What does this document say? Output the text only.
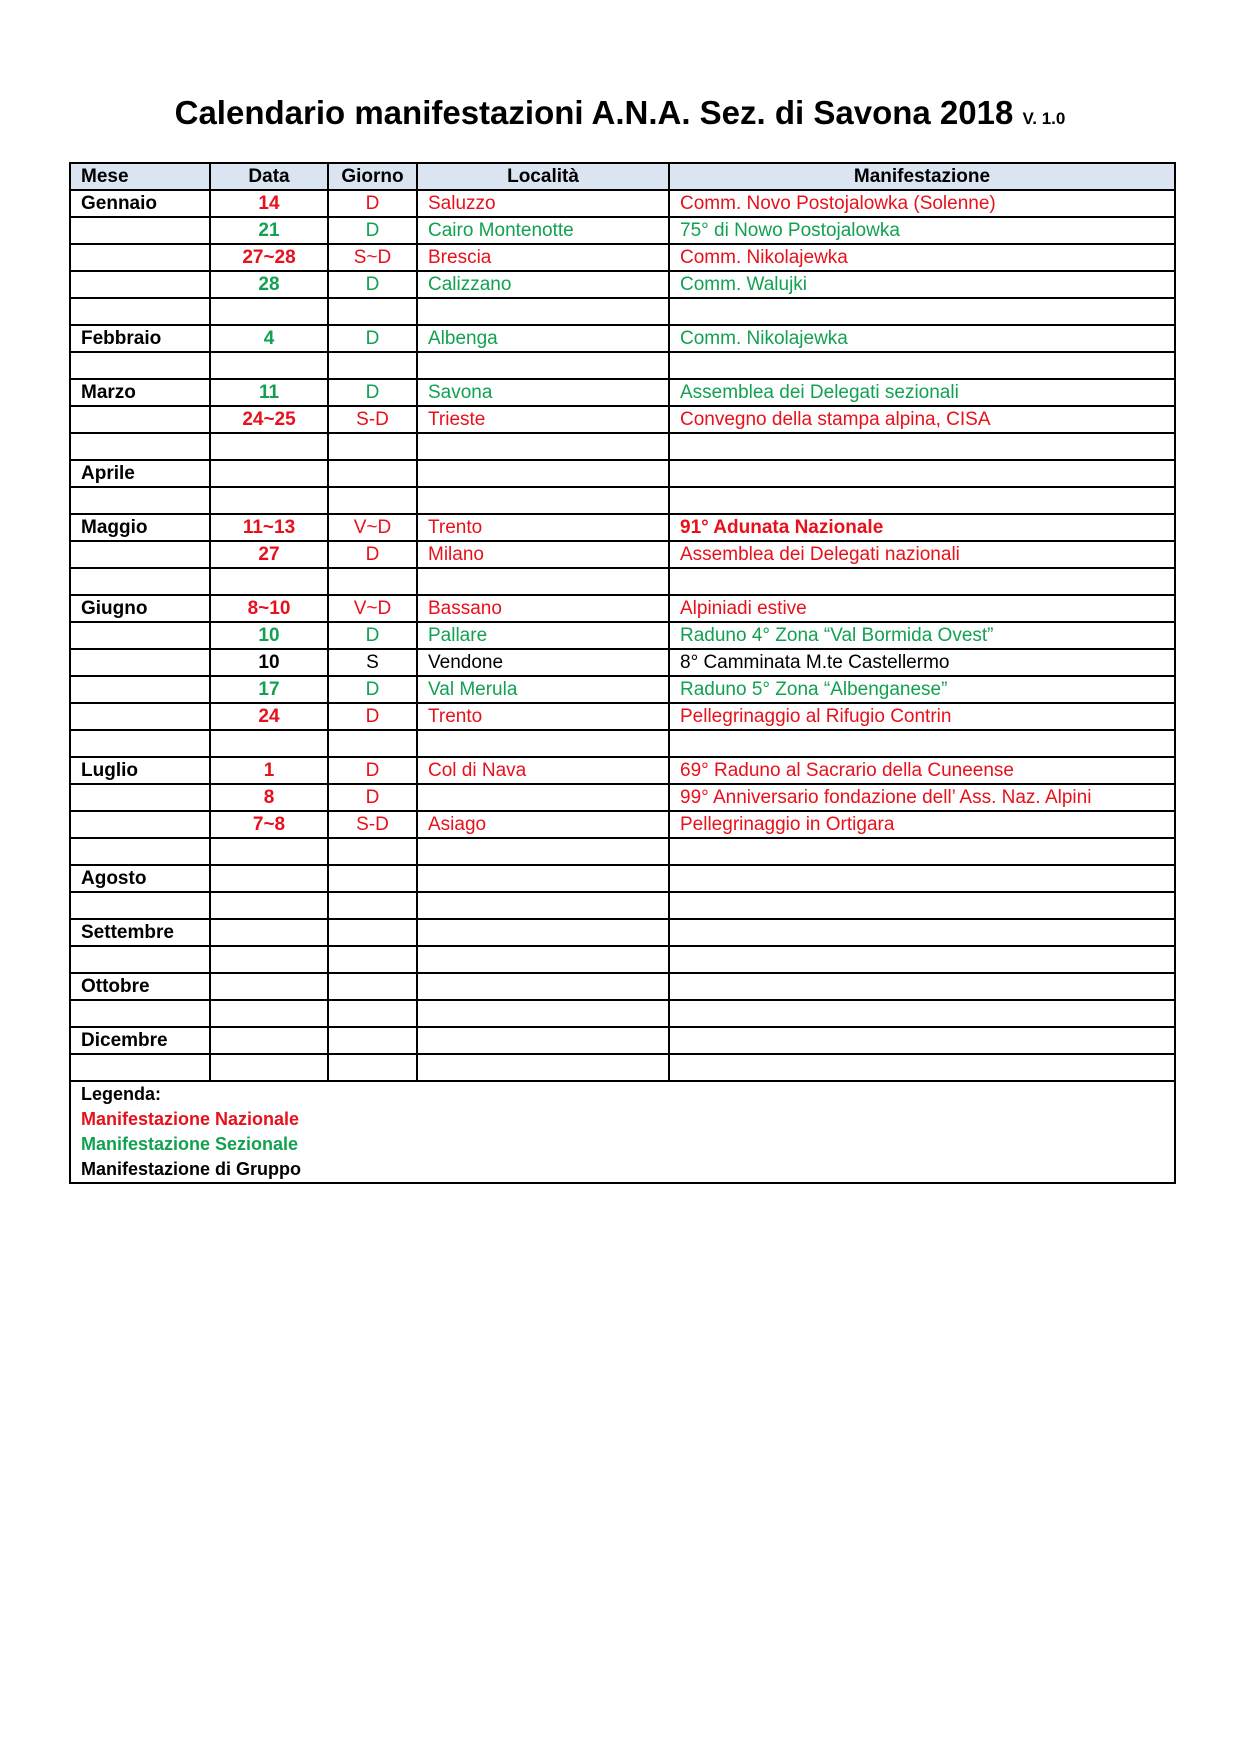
Calendario manifestazioni A.N.A. Sez. di Savona 2018 V. 1.0
Mese	Data	Giorno	Località	Manifestazione
Gennaio	14	D	Saluzzo	Comm. Novo Postojalowka (Solenne)
	21	D	Cairo Montenotte	75° di Nowo Postojalowka
	27~28	S~D	Brescia	Comm. Nikolajewka
	28	D	Calizzano	Comm. Walujki

Febbraio	4	D	Albenga	Comm. Nikolajewka

Marzo	11	D	Savona	Assemblea dei Delegati sezionali
	24~25	S-D	Trieste	Convegno della stampa alpina, CISA

Aprile				

Maggio	11~13	V~D	Trento	91° Adunata Nazionale
	27	D	Milano	Assemblea dei Delegati nazionali

Giugno	8~10	V~D	Bassano	Alpiniadi estive
	10	D	Pallare	Raduno 4° Zona “Val Bormida Ovest”
	10	S	Vendone	8° Camminata M.te Castellermo
	17	D	Val Merula	Raduno 5° Zona “Albenganese”
	24	D	Trento	Pellegrinaggio al Rifugio Contrin

Luglio	1	D	Col di Nava	69° Raduno al Sacrario della Cuneense
	8	D		99° Anniversario fondazione dell’ Ass. Naz. Alpini
	7~8	S-D	Asiago	Pellegrinaggio in Ortigara

Agosto				

Settembre				

Ottobre				

Dicembre				

Legenda:
Manifestazione Nazionale
Manifestazione Sezionale
Manifestazione di Gruppo				
